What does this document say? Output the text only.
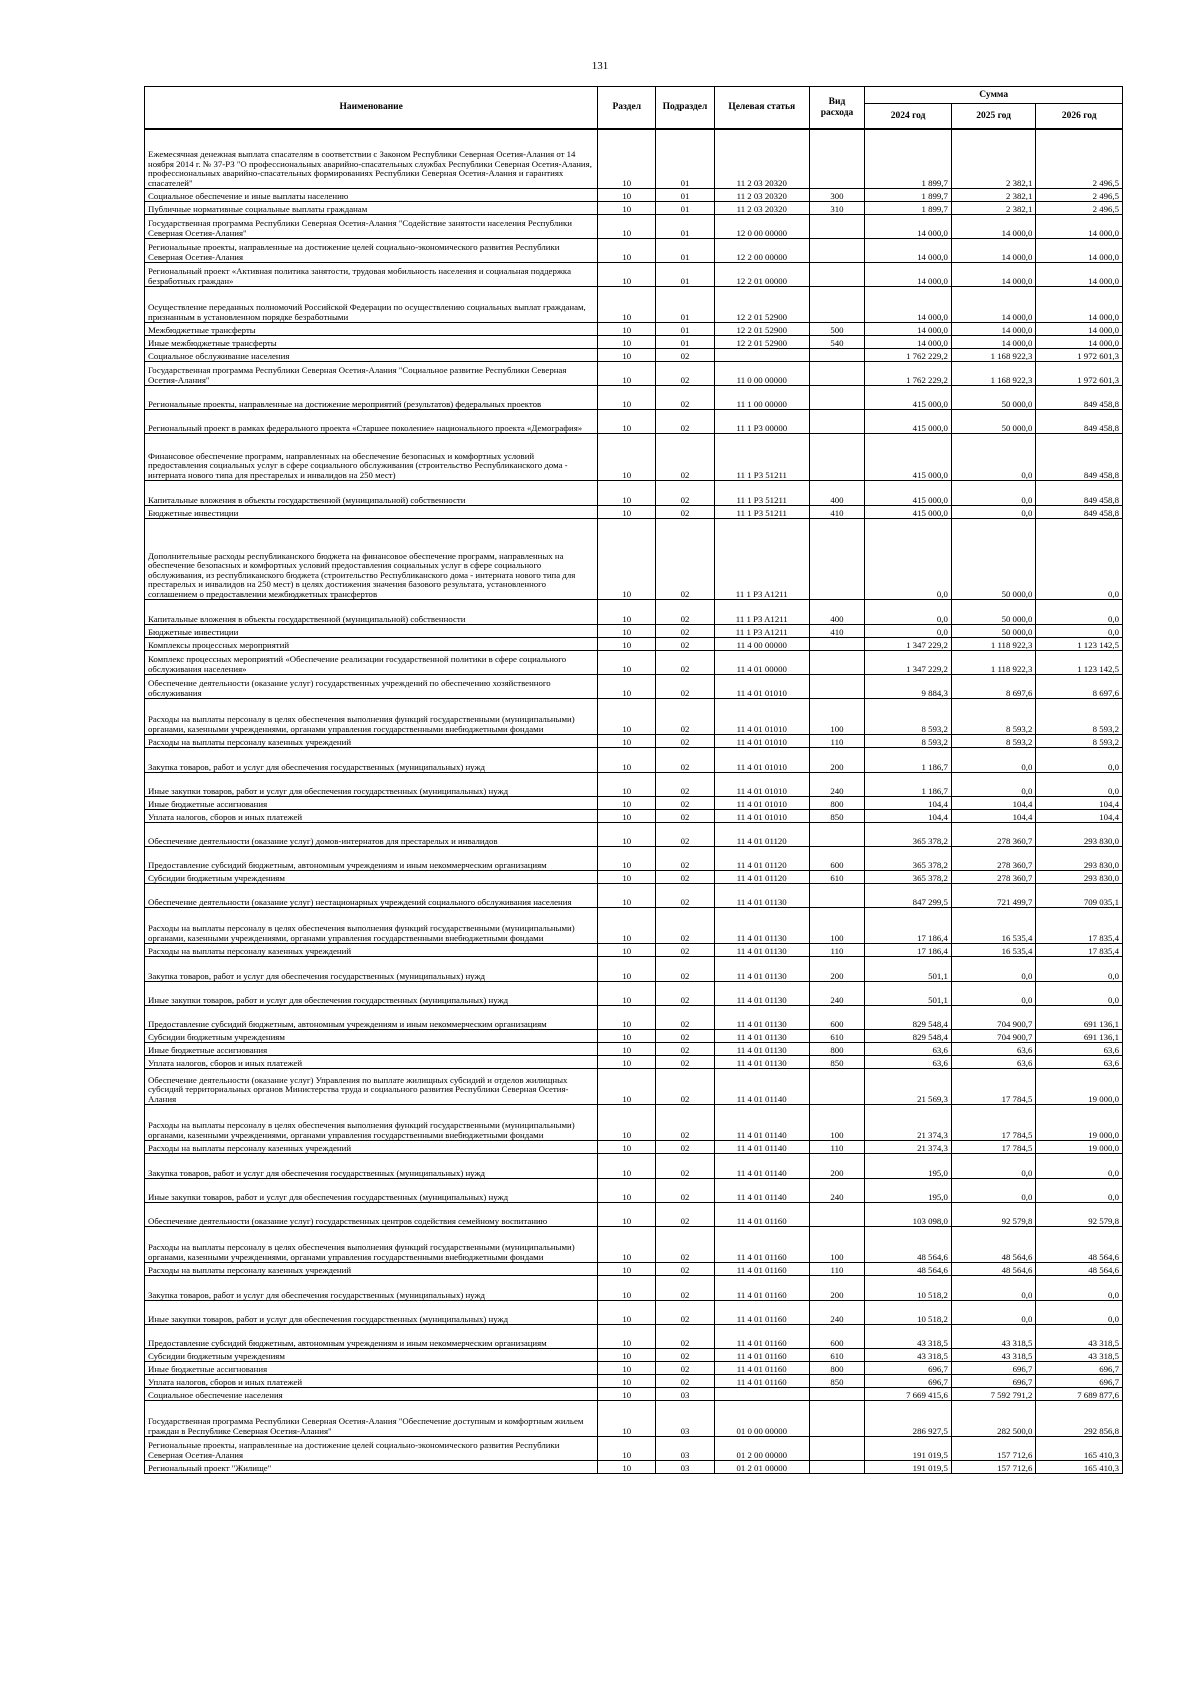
131
Наименование	Раздел	Подраздел	Целевая статья	Вид расхода	Сумма		
					2024 год	2025 год	2026 год
Ежемесячная денежная выплата спасателям в соответствии с Законом Республики Северная Осетия-Алания от 14 ноября 2014 г. № 37-РЗ "О профессиональных аварийно-спасательных службах Республики Северная Осетия-Алания, профессиональных аварийно-спасательных формированиях Республики Северная Осетия-Алания и гарантиях спасателей"	10	01	11 2 03 20320		1 899,7	2 382,1	2 496,5
Социальное обеспечение и иные выплаты населению	10	01	11 2 03 20320	300	1 899,7	2 382,1	2 496,5
Публичные нормативные социальные выплаты гражданам	10	01	11 2 03 20320	310	1 899,7	2 382,1	2 496,5
Государственная программа Республики Северная Осетия-Алания "Содействие занятости населения Республики Северная Осетия-Алания"	10	01	12 0 00 00000		14 000,0	14 000,0	14 000,0
Региональные проекты, направленные на достижение целей социально-экономического развития Республики Северная Осетия-Алания	10	01	12 2 00 00000		14 000,0	14 000,0	14 000,0
Региональный проект «Активная политика занятости, трудовая мобильность населения и социальная поддержка безработных граждан»	10	01	12 2 01 00000		14 000,0	14 000,0	14 000,0
Осуществление переданных полномочий Российской Федерации по осуществлению социальных выплат гражданам, признанным в установленном порядке безработными	10	01	12 2 01 52900		14 000,0	14 000,0	14 000,0
Межбюджетные трансферты	10	01	12 2 01 52900	500	14 000,0	14 000,0	14 000,0
Иные межбюджетные трансферты	10	01	12 2 01 52900	540	14 000,0	14 000,0	14 000,0
Социальное обслуживание населения	10	02			1 762 229,2	1 168 922,3	1 972 601,3
Государственная программа Республики Северная Осетия-Алания "Социальное развитие Республики Северная Осетия-Алания"	10	02	11 0 00 00000		1 762 229,2	1 168 922,3	1 972 601,3
Региональные проекты, направленные на достижение мероприятий (результатов) федеральных проектов	10	02	11 1 00 00000		415 000,0	50 000,0	849 458,8
Региональный проект в рамках федерального проекта «Старшее поколение» национального проекта «Демография»	10	02	11 1 P3 00000		415 000,0	50 000,0	849 458,8
Финансовое обеспечение программ, направленных на обеспечение безопасных и комфортных условий предоставления социальных услуг в сфере социального обслуживания (строительство Республиканского дома - интерната нового типа для престарелых и инвалидов на 250 мест)	10	02	11 1 P3 51211		415 000,0	0,0	849 458,8
Капитальные вложения в объекты государственной (муниципальной) собственности	10	02	11 1 P3 51211	400	415 000,0	0,0	849 458,8
Бюджетные инвестиции	10	02	11 1 P3 51211	410	415 000,0	0,0	849 458,8
Дополнительные расходы республиканского бюджета на финансовое обеспечение программ, направленных на обеспечение безопасных и комфортных условий предоставления социальных услуг в сфере социального обслуживания, из республиканского бюджета (строительство Республиканского дома - интерната нового типа для престарелых и инвалидов на 250 мест) в целях достижения значения базового результата, установленного соглашением о предоставлении межбюджетных трансфертов	10	02	11 1 P3 A1211		0,0	50 000,0	0,0
Капитальные вложения в объекты государственной (муниципальной) собственности	10	02	11 1 P3 A1211	400	0,0	50 000,0	0,0
Бюджетные инвестиции	10	02	11 1 P3 A1211	410	0,0	50 000,0	0,0
Комплексы процессных мероприятий	10	02	11 4 00 00000		1 347 229,2	1 118 922,3	1 123 142,5
Комплекс процессных мероприятий «Обеспечение реализации государственной политики в сфере социального обслуживания населения»	10	02	11 4 01 00000		1 347 229,2	1 118 922,3	1 123 142,5
Обеспечение деятельности (оказание услуг) государственных учреждений по обеспечению хозяйственного обслуживания	10	02	11 4 01 01010		9 884,3	8 697,6	8 697,6
Расходы на выплаты персоналу в целях обеспечения выполнения функций государственными (муниципальными) органами, казенными учреждениями, органами управления государственными внебюджетными фондами	10	02	11 4 01 01010	100	8 593,2	8 593,2	8 593,2
Расходы на выплаты персоналу казенных учреждений	10	02	11 4 01 01010	110	8 593,2	8 593,2	8 593,2
Закупка товаров, работ и услуг для обеспечения государственных (муниципальных) нужд	10	02	11 4 01 01010	200	1 186,7	0,0	0,0
Иные закупки товаров, работ и услуг для обеспечения государственных (муниципальных) нужд	10	02	11 4 01 01010	240	1 186,7	0,0	0,0
Иные бюджетные ассигнования	10	02	11 4 01 01010	800	104,4	104,4	104,4
Уплата налогов, сборов и иных платежей	10	02	11 4 01 01010	850	104,4	104,4	104,4
Обеспечение деятельности (оказание услуг) домов-интернатов для престарелых и инвалидов	10	02	11 4 01 01120		365 378,2	278 360,7	293 830,0
Предоставление субсидий бюджетным, автономным учреждениям и иным некоммерческим организациям	10	02	11 4 01 01120	600	365 378,2	278 360,7	293 830,0
Субсидии бюджетным учреждениям	10	02	11 4 01 01120	610	365 378,2	278 360,7	293 830,0
Обеспечение деятельности (оказание услуг) нестационарных учреждений социального обслуживания населения	10	02	11 4 01 01130		847 299,5	721 499,7	709 035,1
Расходы на выплаты персоналу в целях обеспечения выполнения функций государственными (муниципальными) органами, казенными учреждениями, органами управления государственными внебюджетными фондами	10	02	11 4 01 01130	100	17 186,4	16 535,4	17 835,4
Расходы на выплаты персоналу казенных учреждений	10	02	11 4 01 01130	110	17 186,4	16 535,4	17 835,4
Закупка товаров, работ и услуг для обеспечения государственных (муниципальных) нужд	10	02	11 4 01 01130	200	501,1	0,0	0,0
Иные закупки товаров, работ и услуг для обеспечения государственных (муниципальных) нужд	10	02	11 4 01 01130	240	501,1	0,0	0,0
Предоставление субсидий бюджетным, автономным учреждениям и иным некоммерческим организациям	10	02	11 4 01 01130	600	829 548,4	704 900,7	691 136,1
Субсидии бюджетным учреждениям	10	02	11 4 01 01130	610	829 548,4	704 900,7	691 136,1
Иные бюджетные ассигнования	10	02	11 4 01 01130	800	63,6	63,6	63,6
Уплата налогов, сборов и иных платежей	10	02	11 4 01 01130	850	63,6	63,6	63,6
Обеспечение деятельности (оказание услуг) Управления по выплате жилищных субсидий и отделов жилищных субсидий территориальных органов Министерства труда и социального развития Республики Северная Осетия-Алания	10	02	11 4 01 01140		21 569,3	17 784,5	19 000,0
Расходы на выплаты персоналу в целях обеспечения выполнения функций государственными (муниципальными) органами, казенными учреждениями, органами управления государственными внебюджетными фондами	10	02	11 4 01 01140	100	21 374,3	17 784,5	19 000,0
Расходы на выплаты персоналу казенных учреждений	10	02	11 4 01 01140	110	21 374,3	17 784,5	19 000,0
Закупка товаров, работ и услуг для обеспечения государственных (муниципальных) нужд	10	02	11 4 01 01140	200	195,0	0,0	0,0
Иные закупки товаров, работ и услуг для обеспечения государственных (муниципальных) нужд	10	02	11 4 01 01140	240	195,0	0,0	0,0
Обеспечение деятельности (оказание услуг) государственных центров содействия семейному воспитанию	10	02	11 4 01 01160		103 098,0	92 579,8	92 579,8
Расходы на выплаты персоналу в целях обеспечения выполнения функций государственными (муниципальными) органами, казенными учреждениями, органами управления государственными внебюджетными фондами	10	02	11 4 01 01160	100	48 564,6	48 564,6	48 564,6
Расходы на выплаты персоналу казенных учреждений	10	02	11 4 01 01160	110	48 564,6	48 564,6	48 564,6
Закупка товаров, работ и услуг для обеспечения государственных (муниципальных) нужд	10	02	11 4 01 01160	200	10 518,2	0,0	0,0
Иные закупки товаров, работ и услуг для обеспечения государственных (муниципальных) нужд	10	02	11 4 01 01160	240	10 518,2	0,0	0,0
Предоставление субсидий бюджетным, автономным учреждениям и иным некоммерческим организациям	10	02	11 4 01 01160	600	43 318,5	43 318,5	43 318,5
Субсидии бюджетным учреждениям	10	02	11 4 01 01160	610	43 318,5	43 318,5	43 318,5
Иные бюджетные ассигнования	10	02	11 4 01 01160	800	696,7	696,7	696,7
Уплата налогов, сборов и иных платежей	10	02	11 4 01 01160	850	696,7	696,7	696,7
Социальное обеспечение населения	10	03			7 669 415,6	7 592 791,2	7 689 877,6
Государственная программа Республики Северная Осетия-Алания "Обеспечение доступным и комфортным жильем граждан в Республике Северная Осетия-Алания"	10	03	01 0 00 00000		286 927,5	282 500,0	292 856,8
Региональные проекты, направленные на достижение целей социально-экономического развития Республики Северная Осетия-Алания	10	03	01 2 00 00000		191 019,5	157 712,6	165 410,3
Региональный проект "Жилище"	10	03	01 2 01 00000		191 019,5	157 712,6	165 410,3
